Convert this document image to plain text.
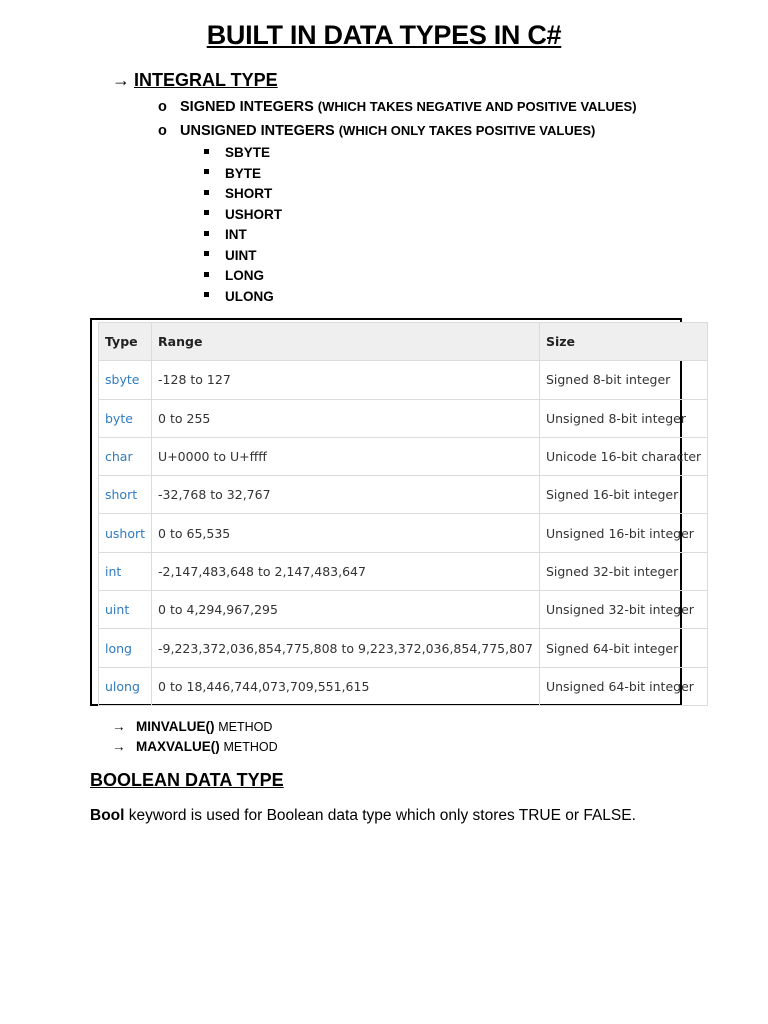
BUILT IN DATA TYPES IN C#
→ INTEGRAL TYPE
o SIGNED INTEGERS (WHICH TAKES NEGATIVE AND POSITIVE VALUES)
o UNSIGNED INTEGERS (WHICH ONLY TAKES POSITIVE VALUES)
SBYTE
BYTE
SHORT
USHORT
INT
UINT
LONG
ULONG
Type	Range	Size
sbyte	-128 to 127	Signed 8-bit integer
byte	0 to 255	Unsigned 8-bit integer
char	U+0000 to U+ffff	Unicode 16-bit character
short	-32,768 to 32,767	Signed 16-bit integer
ushort	0 to 65,535	Unsigned 16-bit integer
int	-2,147,483,648 to 2,147,483,647	Signed 32-bit integer
uint	0 to 4,294,967,295	Unsigned 32-bit integer
long	-9,223,372,036,854,775,808 to 9,223,372,036,854,775,807	Signed 64-bit integer
ulong	0 to 18,446,744,073,709,551,615	Unsigned 64-bit integer
→ MINVALUE() METHOD
→ MAXVALUE() METHOD
BOOLEAN DATA TYPE
Bool keyword is used for Boolean data type which only stores TRUE or FALSE.
